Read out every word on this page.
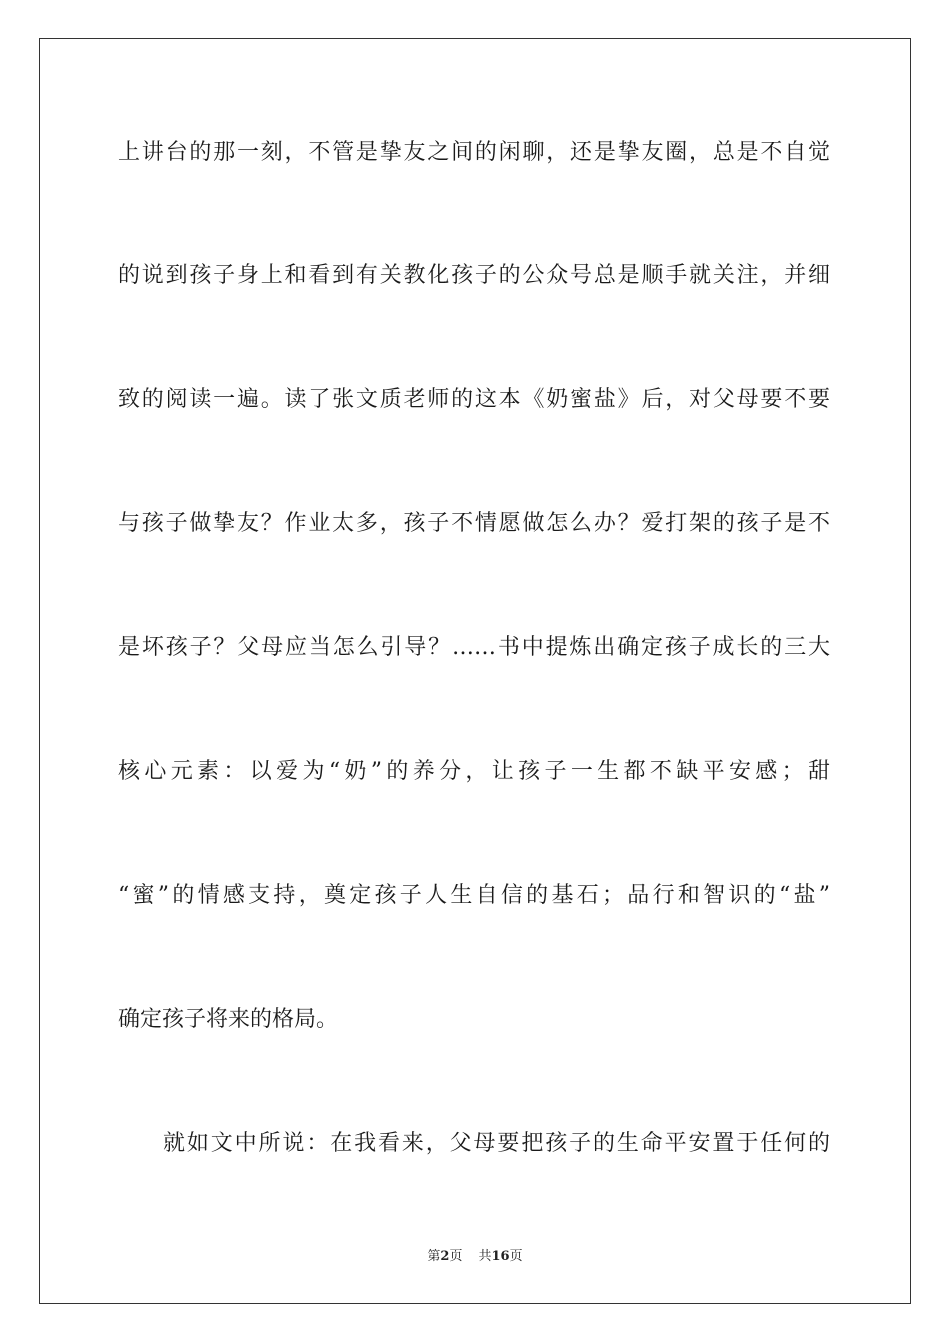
上讲台的那一刻，不管是挚友之间的闲聊，还是挚友圈，总是不自觉
的说到孩子身上和看到有关教化孩子的公众号总是顺手就关注，并细
致的阅读一遍。读了张文质老师的这本《奶蜜盐》后，对父母要不要
与孩子做挚友？作业太多，孩子不情愿做怎么办？爱打架的孩子是不
是坏孩子？父母应当怎么引导？……书中提炼出确定孩子成长的三大
核心元素：以爱为“奶”的养分，让孩子一生都不缺平安感；甜
“蜜”的情感支持，奠定孩子人生自信的基石；品行和智识的“盐”
确定孩子将来的格局。
就如文中所说：在我看来，父母要把孩子的生命平安置于任何的
第2页 共16页
